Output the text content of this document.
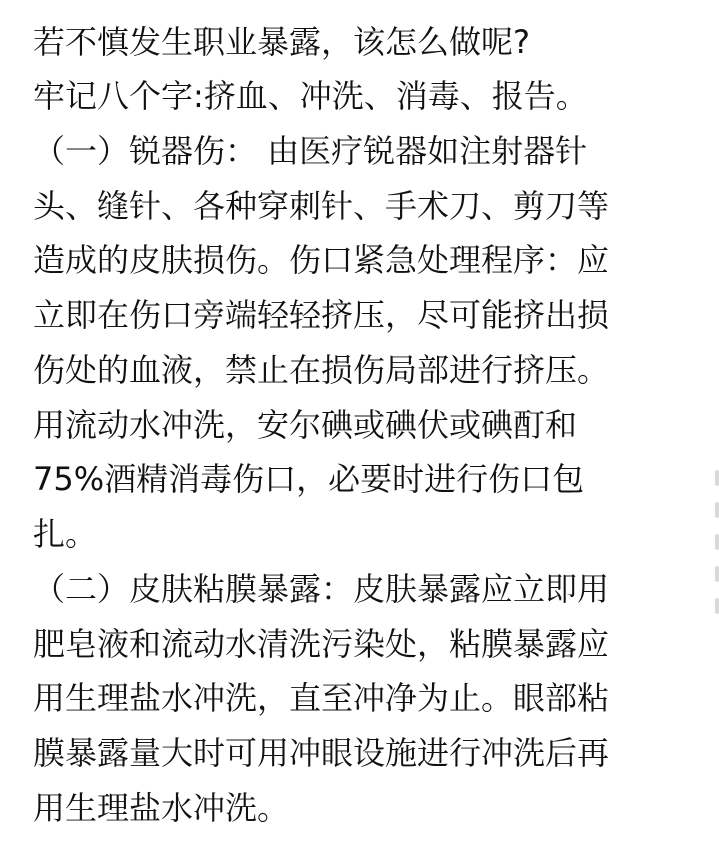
若不慎发生职业暴露，该怎么做呢?
牢记八个字:挤血、冲洗、消毒、报告。
（一）锐器伤： 由医疗锐器如注射器针
头、缝针、各种穿刺针、手术刀、剪刀等
造成的皮肤损伤。伤口紧急处理程序：应
立即在伤口旁端轻轻挤压，尽可能挤出损
伤处的血液，禁止在损伤局部进行挤压。
用流动水冲洗，安尔碘或碘伏或碘酊和
75%酒精消毒伤口，必要时进行伤口包
扎。
（二）皮肤粘膜暴露：皮肤暴露应立即用
肥皂液和流动水清洗污染处，粘膜暴露应
用生理盐水冲洗，直至冲净为止。眼部粘
膜暴露量大时可用冲眼设施进行冲洗后再
用生理盐水冲洗。
